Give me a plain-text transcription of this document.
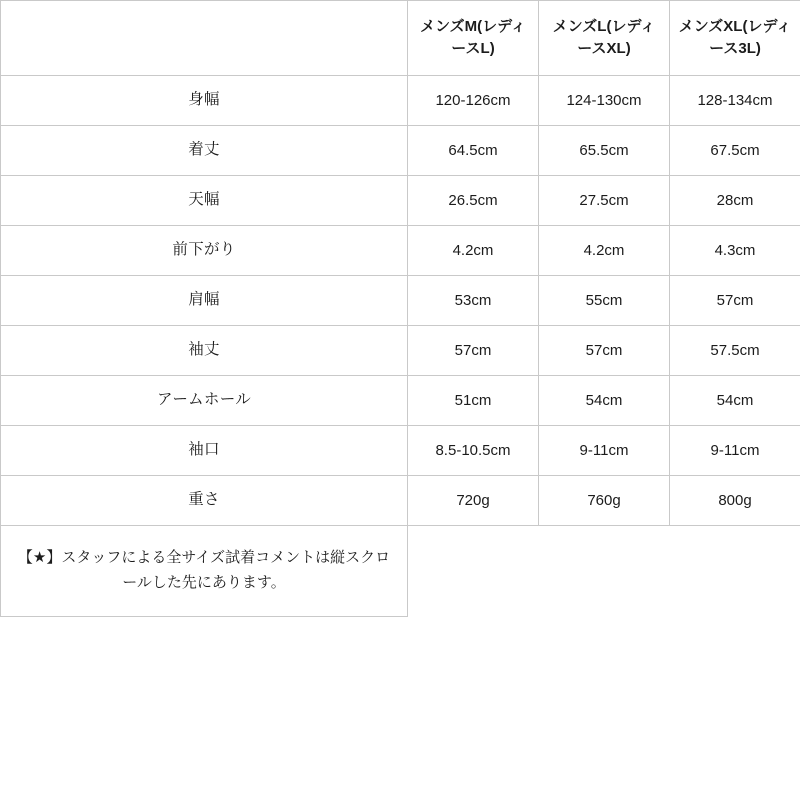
	メンズM(レディースL)	メンズL(レディースXL)	メンズXL(レディース3L)
身幅	120-126cm	124-130cm	128-134cm
着丈	64.5cm	65.5cm	67.5cm
天幅	26.5cm	27.5cm	28cm
前下がり	4.2cm	4.2cm	4.3cm
肩幅	53cm	55cm	57cm
袖丈	57cm	57cm	57.5cm
アームホール	51cm	54cm	54cm
袖口	8.5-10.5cm	9-11cm	9-11cm
重さ	720g	760g	800g
【★】スタッフによる全サイズ試着コメントは縦スクロールした先にあります。			
